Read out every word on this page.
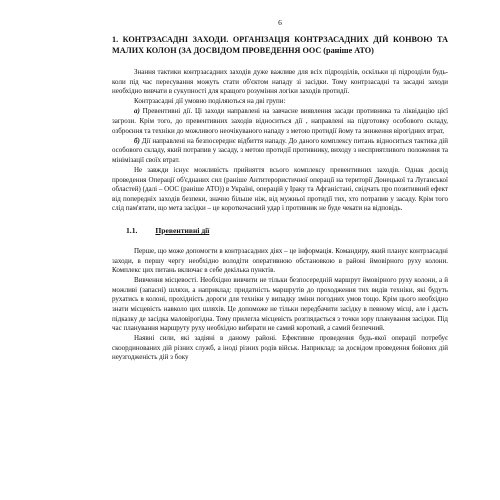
6
1. КОНТРЗАСАДНІ ЗАХОДИ. ОРГАНІЗАЦІЯ КОНТРЗАСАДНИХ ДІЙ КОНВОЮ ТА МАЛИХ КОЛОН (ЗА ДОСВІДОМ ПРОВЕДЕННЯ ООС (раніше АТО)

Знання тактики контрзасадних заходів дуже важливе для всіх підрозділів, оскільки ці підрозділи будь-коли під час пересування можуть стати об'єктом нападу зі засідки. Тому контрзасадні та засадні заходи необхідно вивчати в сукупності для кращого розуміння логіки заходів протидії.

Контрзасадні дії умовно поділяються на дві групи:

а) Превентивні дії. Ці заходи направлені на завчасне виявлення засади противника та ліквідацію цієї загрози. Крім того, до превентивних заходів відноситься дії , направлені на підготовку особового складу, озброєння та техніки до можливого неочікуваного нападу з метою протидії йому та зниження вірогідних втрат,

б) Дії направлені на безпосереднє відбиття нападу. До даного комплексу питань відноситься тактика дій особового складу, який потрапив у засаду, з метою протидії противнику, виходу з несприятливого положення та мінімізації своїх втрат.

Не завжди існує можливість прийняття всього комплексу превентивних заходів. Однак досвід проведення Операції об'єднаних сил (раніше Антитерористичної операції на території Донецької та Луганської областей) (далі – ООС (раніше АТО)) в Україні, операцій у Іраку та Афганістані, свідчать про позитивний ефект від попередніх заходів безпеки, значно більше ніж, від мужньої протидії тих, хто потрапив у засаду. Крім того слід пам'ятати, що мета засідки – це короткочасний удар і противник не буде чекати на відповідь.

1.1. Превентивні дії

Перше, що може допомогти в контрзасадних діях – це інформація. Командиру, який планує контрзасадні заходи, в першу чергу необхідно володіти оперативною обстановкою в районі ймовірного руху колони. Комплекс цих питань включає в себе декілька пунктів.

Вивчення місцевості. Необхідно вивчити не тільки безпосередній маршрут ймовірного руху колони, а й можливі (запасні) шляхи, а наприклад: придатність маршрутів до проходження тих видів техніки, які будуть рухатись в колоні, прохідність дороги для техніки у випадку зміни погодних умов тощо. Крім цього необхідно знати місцевість навколо цих шляхів. Це допоможе не тільки передбачити засідку в певному місці, але і дасть підказку де засідка маловірогідна. Тому прилегла місцевість розглядається з точки зору планування засідки. Під час планування маршруту руху необхідно вибирати не самий короткий, а самий безпечний.

Наявні сили, які задіяні в даному районі. Ефективне проведення будь-якої операції потребує скоординованих дій різних служб, а іноді різних родів військ. Наприклад: за досвідом проведення бойових дій неузгодженість дій з боку
